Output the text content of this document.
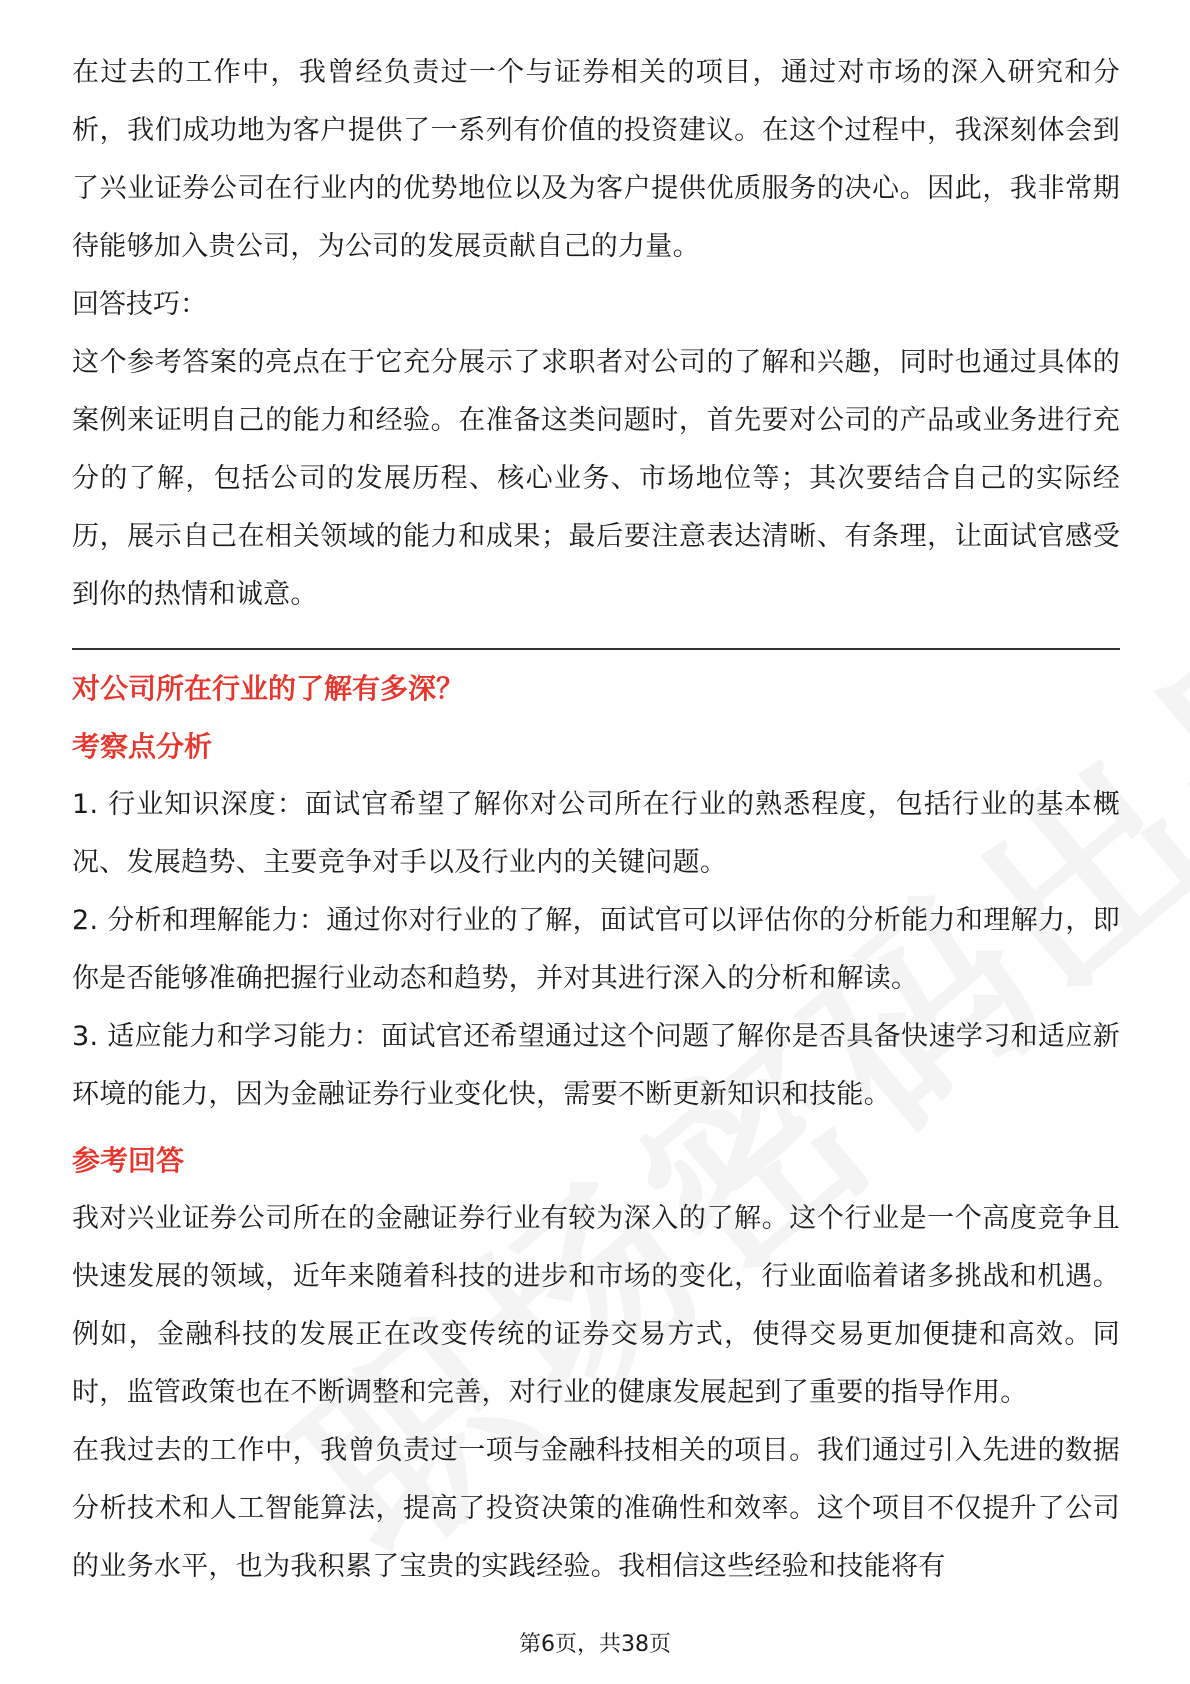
在过去的工作中，我曾经负责过一个与证券相关的项目，通过对市场的深入研究和分析，我们成功地为客户提供了一系列有价值的投资建议。在这个过程中，我深刻体会到了兴业证券公司在行业内的优势地位以及为客户提供优质服务的决心。因此，我非常期待能够加入贵公司，为公司的发展贡献自己的力量。

回答技巧：

这个参考答案的亮点在于它充分展示了求职者对公司的了解和兴趣，同时也通过具体的案例来证明自己的能力和经验。在准备这类问题时，首先要对公司的产品或业务进行充分的了解，包括公司的发展历程、核心业务、市场地位等；其次要结合自己的实际经历，展示自己在相关领域的能力和成果；最后要注意表达清晰、有条理，让面试官感受到你的热情和诚意。

对公司所在行业的了解有多深？

考察点分析

1. 行业知识深度：面试官希望了解你对公司所在行业的熟悉程度，包括行业的基本概况、发展趋势、主要竞争对手以及行业内的关键问题。

2. 分析和理解能力：通过你对行业的了解，面试官可以评估你的分析能力和理解力，即你是否能够准确把握行业动态和趋势，并对其进行深入的分析和解读。

3. 适应能力和学习能力：面试官还希望通过这个问题了解你是否具备快速学习和适应新环境的能力，因为金融证券行业变化快，需要不断更新知识和技能。

参考回答

我对兴业证券公司所在的金融证券行业有较为深入的了解。这个行业是一个高度竞争且快速发展的领域，近年来随着科技的进步和市场的变化，行业面临着诸多挑战和机遇。例如，金融科技的发展正在改变传统的证券交易方式，使得交易更加便捷和高效。同时，监管政策也在不断调整和完善，对行业的健康发展起到了重要的指导作用。

在我过去的工作中，我曾负责过一项与金融科技相关的项目。我们通过引入先进的数据分析技术和人工智能算法，提高了投资决策的准确性和效率。这个项目不仅提升了公司的业务水平，也为我积累了宝贵的实践经验。我相信这些经验和技能将有

第6页，共38页
